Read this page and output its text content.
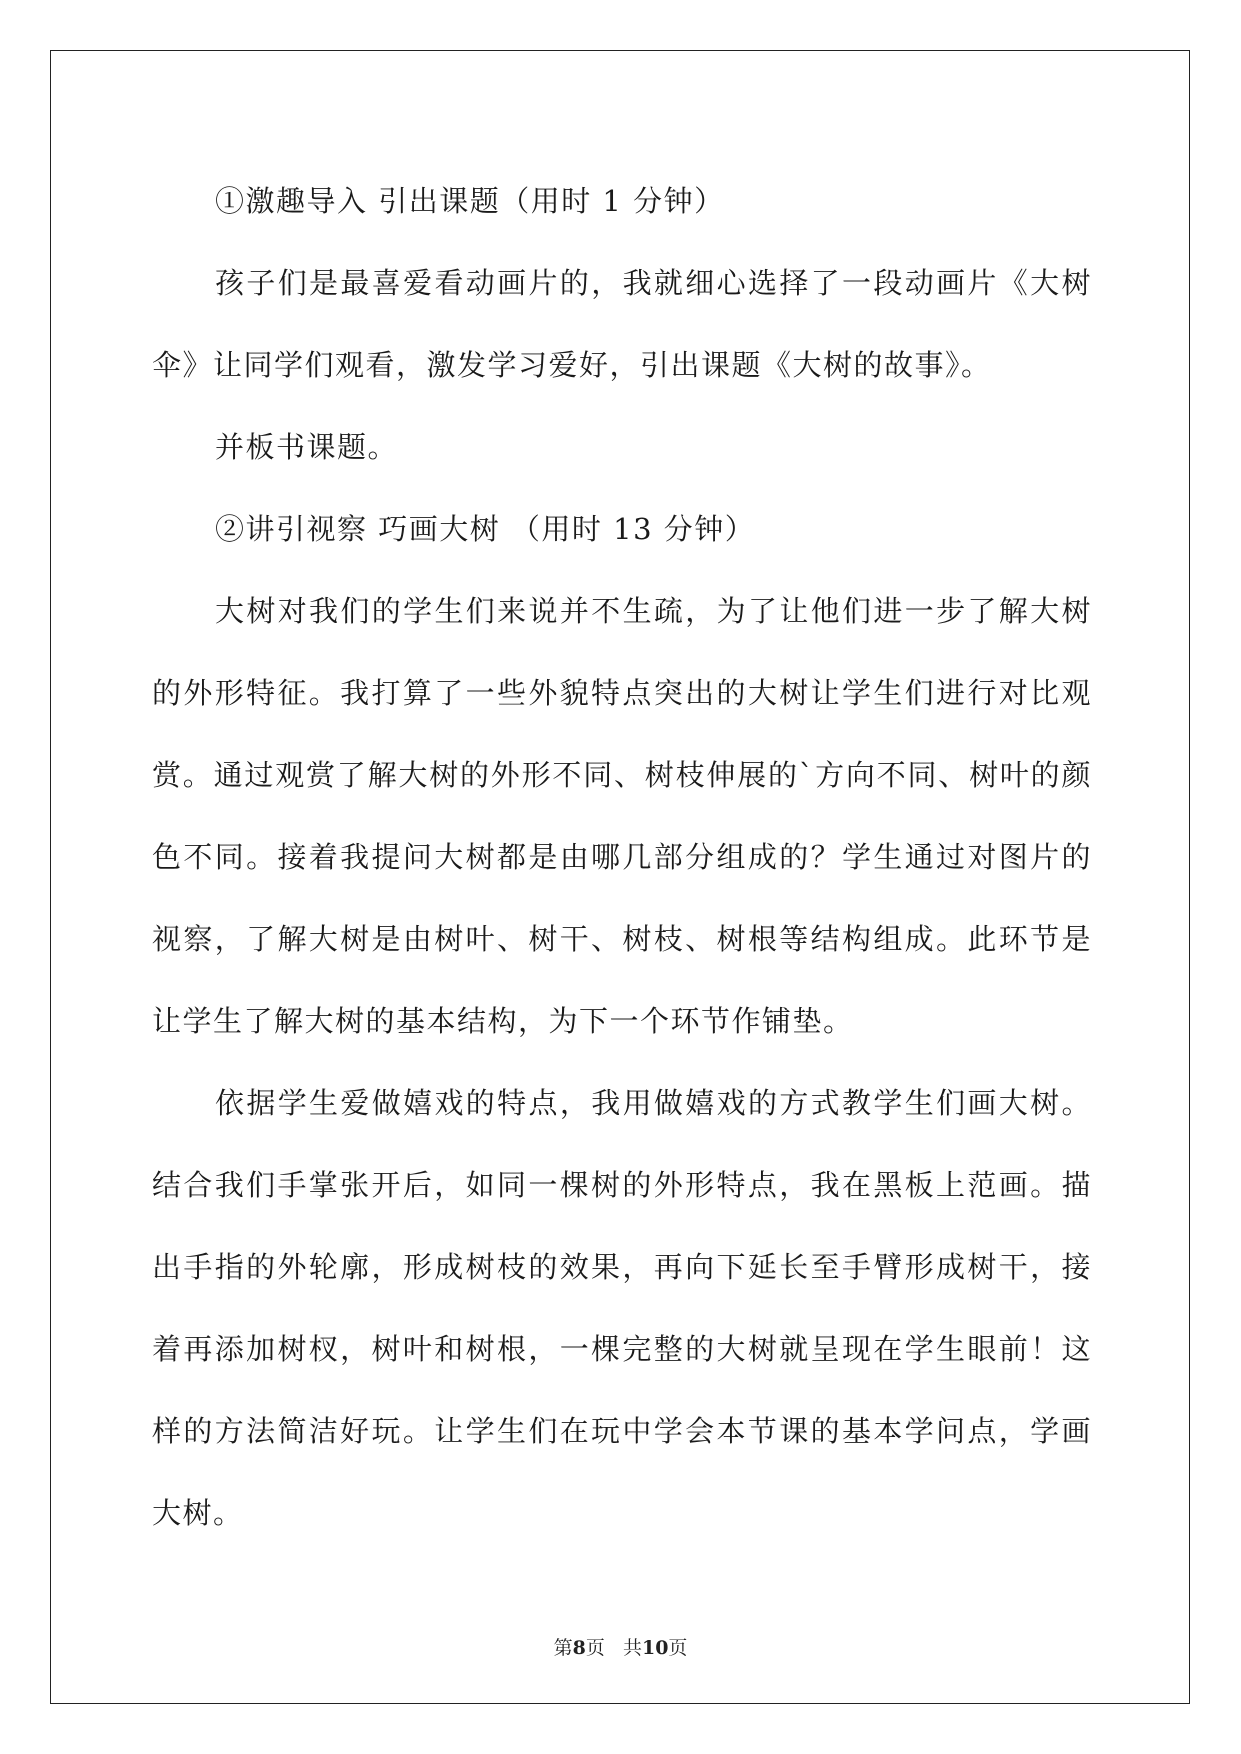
①激趣导入 引出课题（用时 1 分钟）

孩子们是最喜爱看动画片的，我就细心选择了一段动画片《大树伞》让同学们观看，激发学习爱好，引出课题《大树的故事》。

并板书课题。

②讲引视察 巧画大树 （用时 13 分钟）

大树对我们的学生们来说并不生疏，为了让他们进一步了解大树的外形特征。我打算了一些外貌特点突出的大树让学生们进行对比观赏。通过观赏了解大树的外形不同、树枝伸展的`方向不同、树叶的颜色不同。接着我提问大树都是由哪几部分组成的？学生通过对图片的视察，了解大树是由树叶、树干、树枝、树根等结构组成。此环节是让学生了解大树的基本结构，为下一个环节作铺垫。

依据学生爱做嬉戏的特点，我用做嬉戏的方式教学生们画大树。结合我们手掌张开后，如同一棵树的外形特点，我在黑板上范画。描出手指的外轮廓，形成树枝的效果，再向下延长至手臂形成树干，接着再添加树杈，树叶和树根，一棵完整的大树就呈现在学生眼前！这样的方法简洁好玩。让学生们在玩中学会本节课的基本学问点，学画大树。

第8页 共10页
